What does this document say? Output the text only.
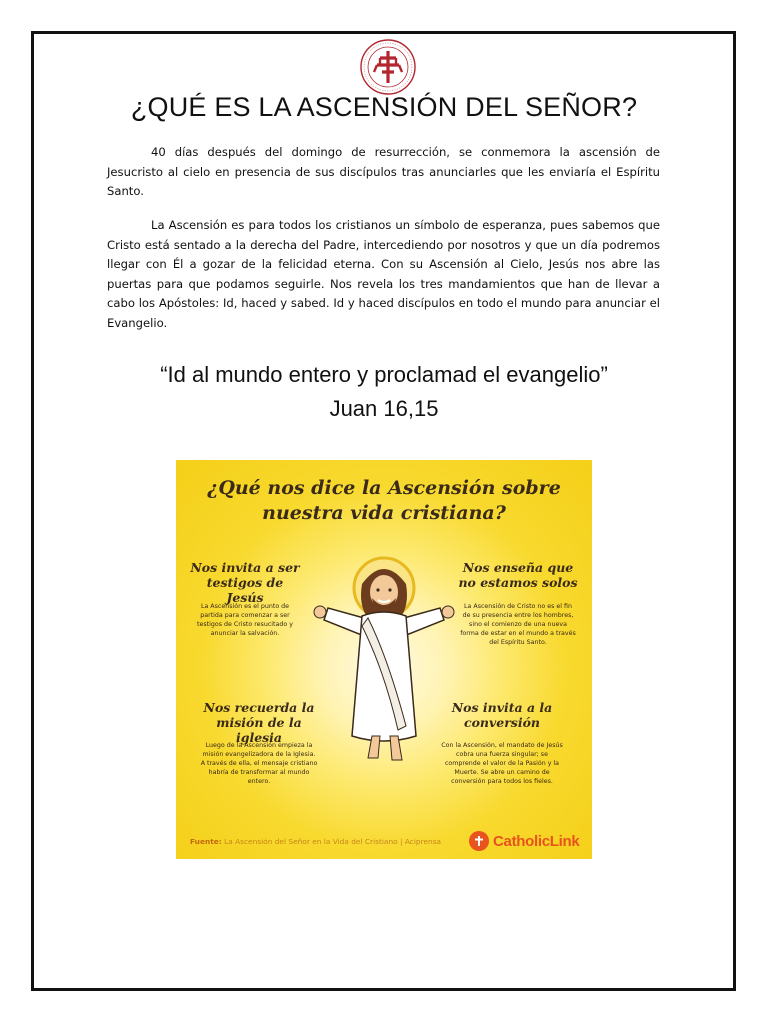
¿QUÉ ES LA ASCENSIÓN DEL SEÑOR?

40 días después del domingo de resurrección, se conmemora la ascensión de Jesucristo al cielo en presencia de sus discípulos tras anunciarles que les enviaría el Espíritu Santo.

La Ascensión es para todos los cristianos un símbolo de esperanza, pues sabemos que Cristo está sentado a la derecha del Padre, intercediendo por nosotros y que un día podremos llegar con Él a gozar de la felicidad eterna. Con su Ascensión al Cielo, Jesús nos abre las puertas para que podamos seguirle. Nos revela los tres mandamientos que han de llevar a cabo los Apóstoles: Id, haced y sabed. Id y haced discípulos en todo el mundo para anunciar el Evangelio.

“Id al mundo entero y proclamad el evangelio”

Juan 16,15

¿Qué nos dice la Ascensión sobre nuestra vida cristiana?
Nos invita a ser testigos de Jesús
La Ascensión es el punto de partida para comenzar a ser testigos de Cristo resucitado y anunciar la salvación.
Nos enseña que no estamos solos
La Ascensión de Cristo no es el fin de su presencia entre los hombres, sino el comienzo de una nueva forma de estar en el mundo a través del Espíritu Santo.
Nos recuerda la misión de la iglesia
Luego de la Ascensión empieza la misión evangelizadora de la Iglesia. A través de ella, el mensaje cristiano habría de transformar al mundo entero.
Nos invita a la conversión
Con la Ascensión, el mandato de Jesús cobra una fuerza singular; se comprende el valor de la Pasión y la Muerte. Se abre un camino de conversión para todos los fieles.
Fuente: La Ascensión del Señor en la Vida del Cristiano | Aciprensa	CatholicLink
